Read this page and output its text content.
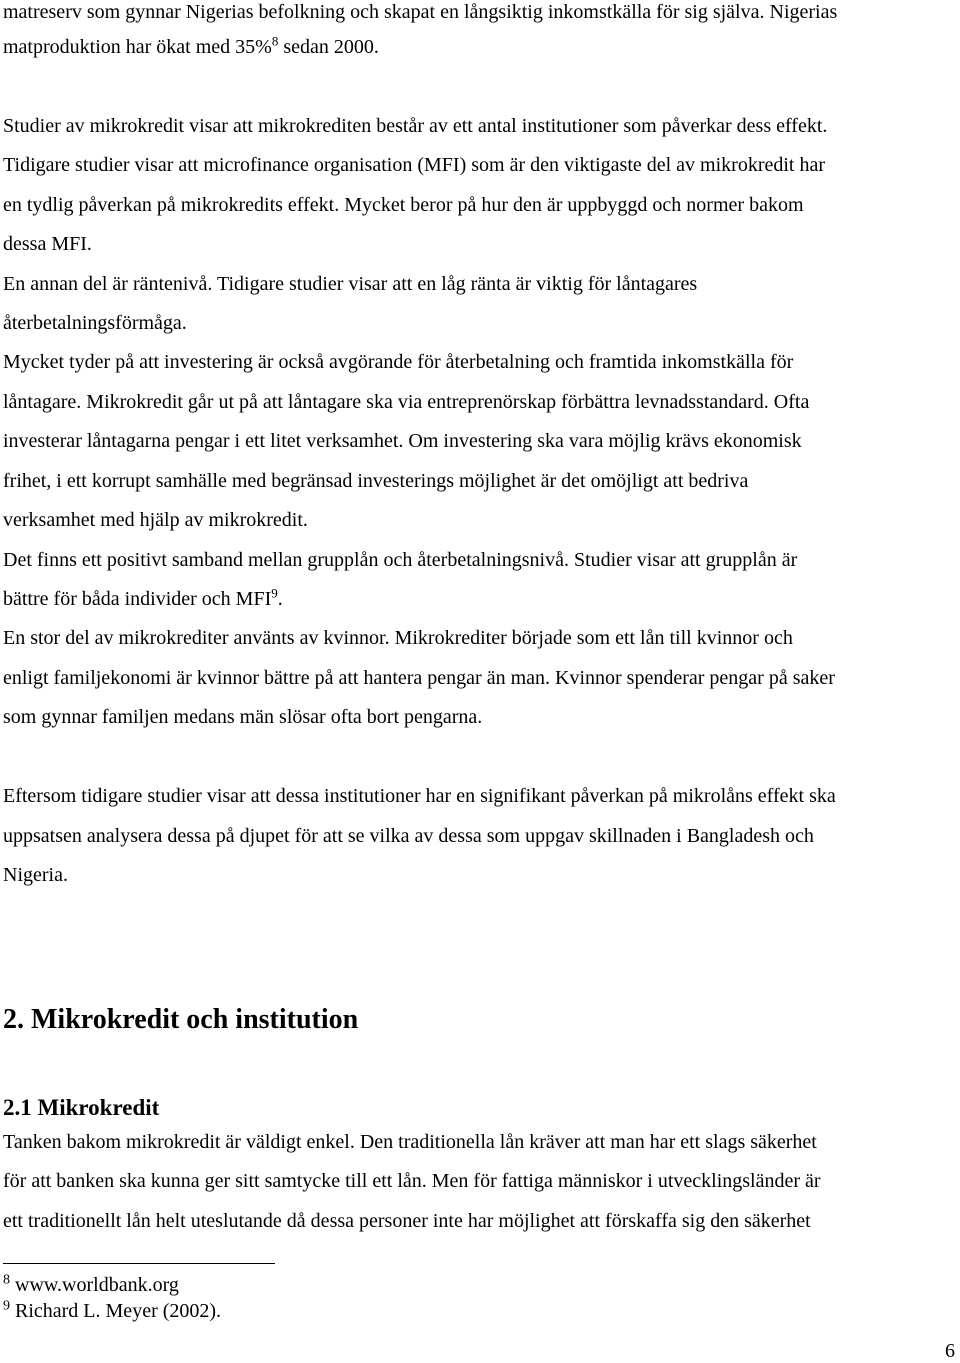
matreserv som gynnar Nigerias befolkning och skapat en långsiktig inkomstkälla för sig själva. Nigerias
matproduktion har ökat med 35%$^8$ sedan 2000.
Studier av mikrokredit visar att mikrokrediten består av ett antal institutioner som påverkar dess effekt.
Tidigare studier visar att microfinance organisation (MFI) som är den viktigaste del av mikrokredit har
en tydlig påverkan på mikrokredits effekt. Mycket beror på hur den är uppbyggd och normer bakom
dessa MFI.
En annan del är räntenivå. Tidigare studier visar att en låg ränta är viktig för låntagares
återbetalningsförmåga.
Mycket tyder på att investering är också avgörande för återbetalning och framtida inkomstkälla för
låntagare. Mikrokredit går ut på att låntagare ska via entreprenörskap förbättra levnadsstandard. Ofta
investerar låntagarna pengar i ett litet verksamhet. Om investering ska vara möjlig krävs ekonomisk
frihet, i ett korrupt samhälle med begränsad investerings möjlighet är det omöjligt att bedriva
verksamhet med hjälp av mikrokredit.
Det finns ett positivt samband mellan grupplån och återbetalningsnivå. Studier visar att grupplån är
bättre för båda individer och MFI$^9$.
En stor del av mikrokrediter använts av kvinnor. Mikrokrediter började som ett lån till kvinnor och
enligt familjekonomi är kvinnor bättre på att hantera pengar än man. Kvinnor spenderar pengar på saker
som gynnar familjen medans män slösar ofta bort pengarna.
Eftersom tidigare studier visar att dessa institutioner har en signifikant påverkan på mikrolåns effekt ska
uppsatsen analysera dessa på djupet för att se vilka av dessa som uppgav skillnaden i Bangladesh och
Nigeria.
2. Mikrokredit och institution
2.1 Mikrokredit
Tanken bakom mikrokredit är väldigt enkel. Den traditionella lån kräver att man har ett slags säkerhet
för att banken ska kunna ger sitt samtycke till ett lån. Men för fattiga människor i utvecklingsländer är
ett traditionellt lån helt uteslutande då dessa personer inte har möjlighet att förskaffa sig den säkerhet
$^8$ www.worldbank.org
$^9$ Richard L. Meyer (2002).
6
